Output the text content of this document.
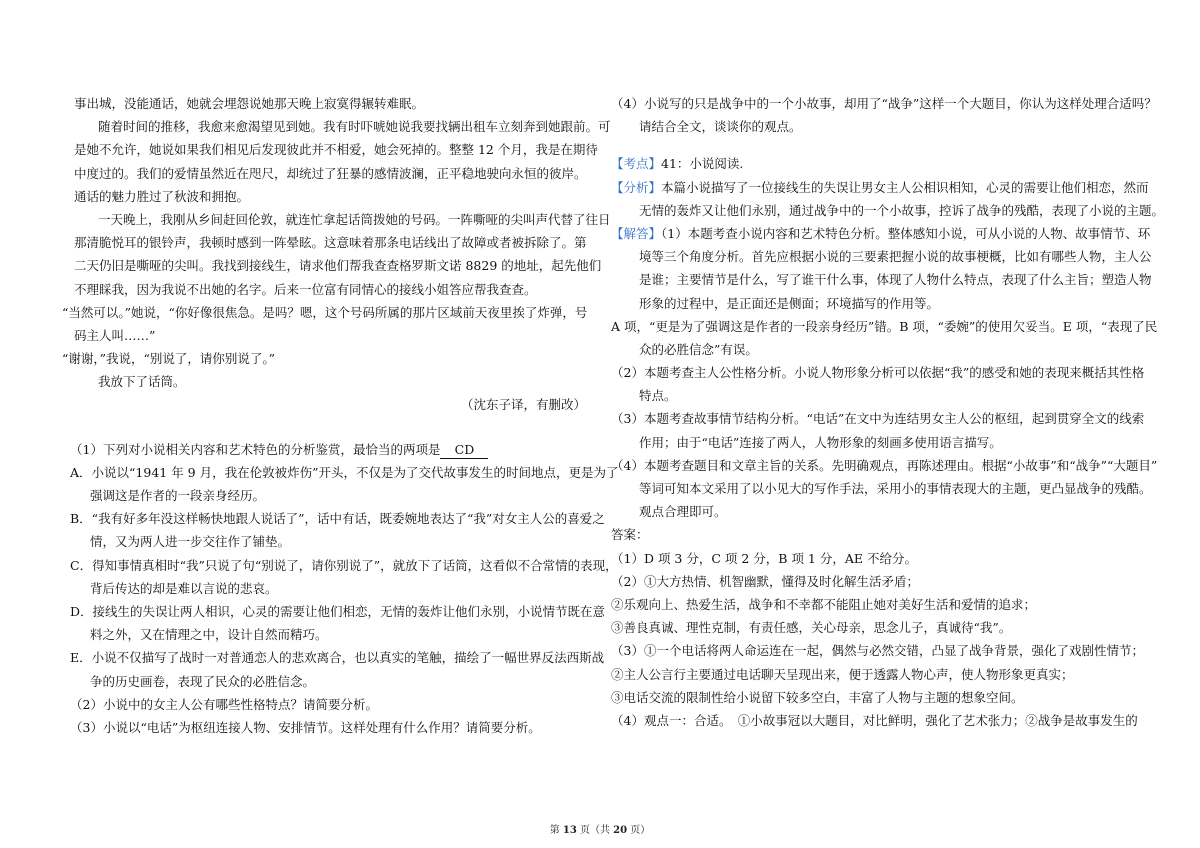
事出城，没能通话，她就会埋怨说她那天晚上寂寞得辗转难眠。
随着时间的推移，我愈来愈渴望见到她。我有时吓唬她说我要找辆出租车立刻奔到她跟前。可
是她不允许，她说如果我们相见后发现彼此并不相爱，她会死掉的。整整 12 个月，我是在期待
中度过的。我们的爱情虽然近在咫尺，却统过了狂暴的感情波澜，正平稳地驶向永恒的彼岸。
通话的魅力胜过了秋波和拥抱。
一天晚上，我刚从乡间赶回伦敦，就连忙拿起话筒拨她的号码。一阵嘶哑的尖叫声代替了往日
那清脆悦耳的银铃声，我顿时感到一阵晕眩。这意味着那条电话线出了故障或者被拆除了。第
二天仍旧是嘶哑的尖叫。我找到接线生，请求他们帮我查查格罗斯文诺 8829 的地址，起先他们
不理睬我，因为我说不出她的名字。后来一位富有同情心的接线小姐答应帮我查查。
“当然可以。”她说，“你好像很焦急。是吗？嗯，这个号码所属的那片区域前天夜里挨了炸弹，号
码主人叫……”
“谢谢，”我说，“别说了，请你别说了。”
我放下了话筒。
（沈东子译，有删改）
（1）下列对小说相关内容和艺术特色的分析鉴赏，最恰当的两项是 CD
A．小说以“1941 年 9 月，我在伦敦被炸伤”开头，不仅是为了交代故事发生的时间地点，更是为了
强调这是作者的一段亲身经历。
B．“我有好多年没这样畅快地跟人说话了”，话中有话，既委婉地表达了“我”对女主人公的喜爱之
情，又为两人进一步交往作了铺垫。
C．得知事情真相时“我”只说了句“别说了，请你别说了”，就放下了话筒，这看似不合常情的表现，
背后传达的却是难以言说的悲哀。
D．接线生的失误让两人相识，心灵的需要让他们相恋，无情的轰炸让他们永别，小说情节既在意
料之外，又在情理之中，设计自然而精巧。
E．小说不仅描写了战时一对普通恋人的悲欢离合，也以真实的笔触，描绘了一幅世界反法西斯战
争的历史画卷，表现了民众的必胜信念。
（2）小说中的女主人公有哪些性格特点？请简要分析。
（3）小说以“电话”为枢纽连接人物、安排情节。这样处理有什么作用？请简要分析。
（4）小说写的只是战争中的一个小故事，却用了“战争”这样一个大题目，你认为这样处理合适吗？
请结合全文，谈谈你的观点。
【考点】41：小说阅读.
【分析】本篇小说描写了一位接线生的失误让男女主人公相识相知，心灵的需要让他们相恋，然而
无情的轰炸又让他们永别，通过战争中的一个小故事，控诉了战争的残酷，表现了小说的主题。
【解答】（1）本题考查小说内容和艺术特色分析。整体感知小说，可从小说的人物、故事情节、环
境等三个角度分析。首先应根据小说的三要素把握小说的故事梗概，比如有哪些人物，主人公
是谁；主要情节是什么，写了谁干什么事，体现了人物什么特点，表现了什么主旨；塑造人物
形象的过程中，是正面还是侧面；环境描写的作用等。
A 项，“更是为了强调这是作者的一段亲身经历”错。B 项，“委婉”的使用欠妥当。E 项，“表现了民
众的必胜信念”有误。
（2）本题考查主人公性格分析。小说人物形象分析可以依据“我”的感受和她的表现来概括其性格
特点。
（3）本题考查故事情节结构分析。“电话”在文中为连结男女主人公的枢纽，起到贯穿全文的线索
作用；由于“电话”连接了两人，人物形象的刻画多使用语言描写。
（4）本题考查题目和文章主旨的关系。先明确观点，再陈述理由。根据“小故事”和“战争”“大题目”
等词可知本文采用了以小见大的写作手法，采用小的事情表现大的主题，更凸显战争的残酷。
观点合理即可。
答案：
（1）D 项 3 分，C 项 2 分，B 项 1 分，AE 不给分。
（2）①大方热情、机智幽默，懂得及时化解生活矛盾；
②乐观向上、热爱生活，战争和不幸都不能阻止她对美好生活和爱情的追求；
③善良真诚、理性克制，有责任感，关心母亲，思念儿子，真诚待“我”。
（3）①一个电话将两人命运连在一起，偶然与必然交错，凸显了战争背景，强化了戏剧性情节；
②主人公言行主要通过电话聊天呈现出来，便于透露人物心声，使人物形象更真实；
③电话交流的限制性给小说留下较多空白，丰富了人物与主题的想象空间。
（4）观点一：合适。　①小故事冠以大题目，对比鲜明，强化了艺术张力；②战争是故事发生的
第 13 页（共 20 页）
